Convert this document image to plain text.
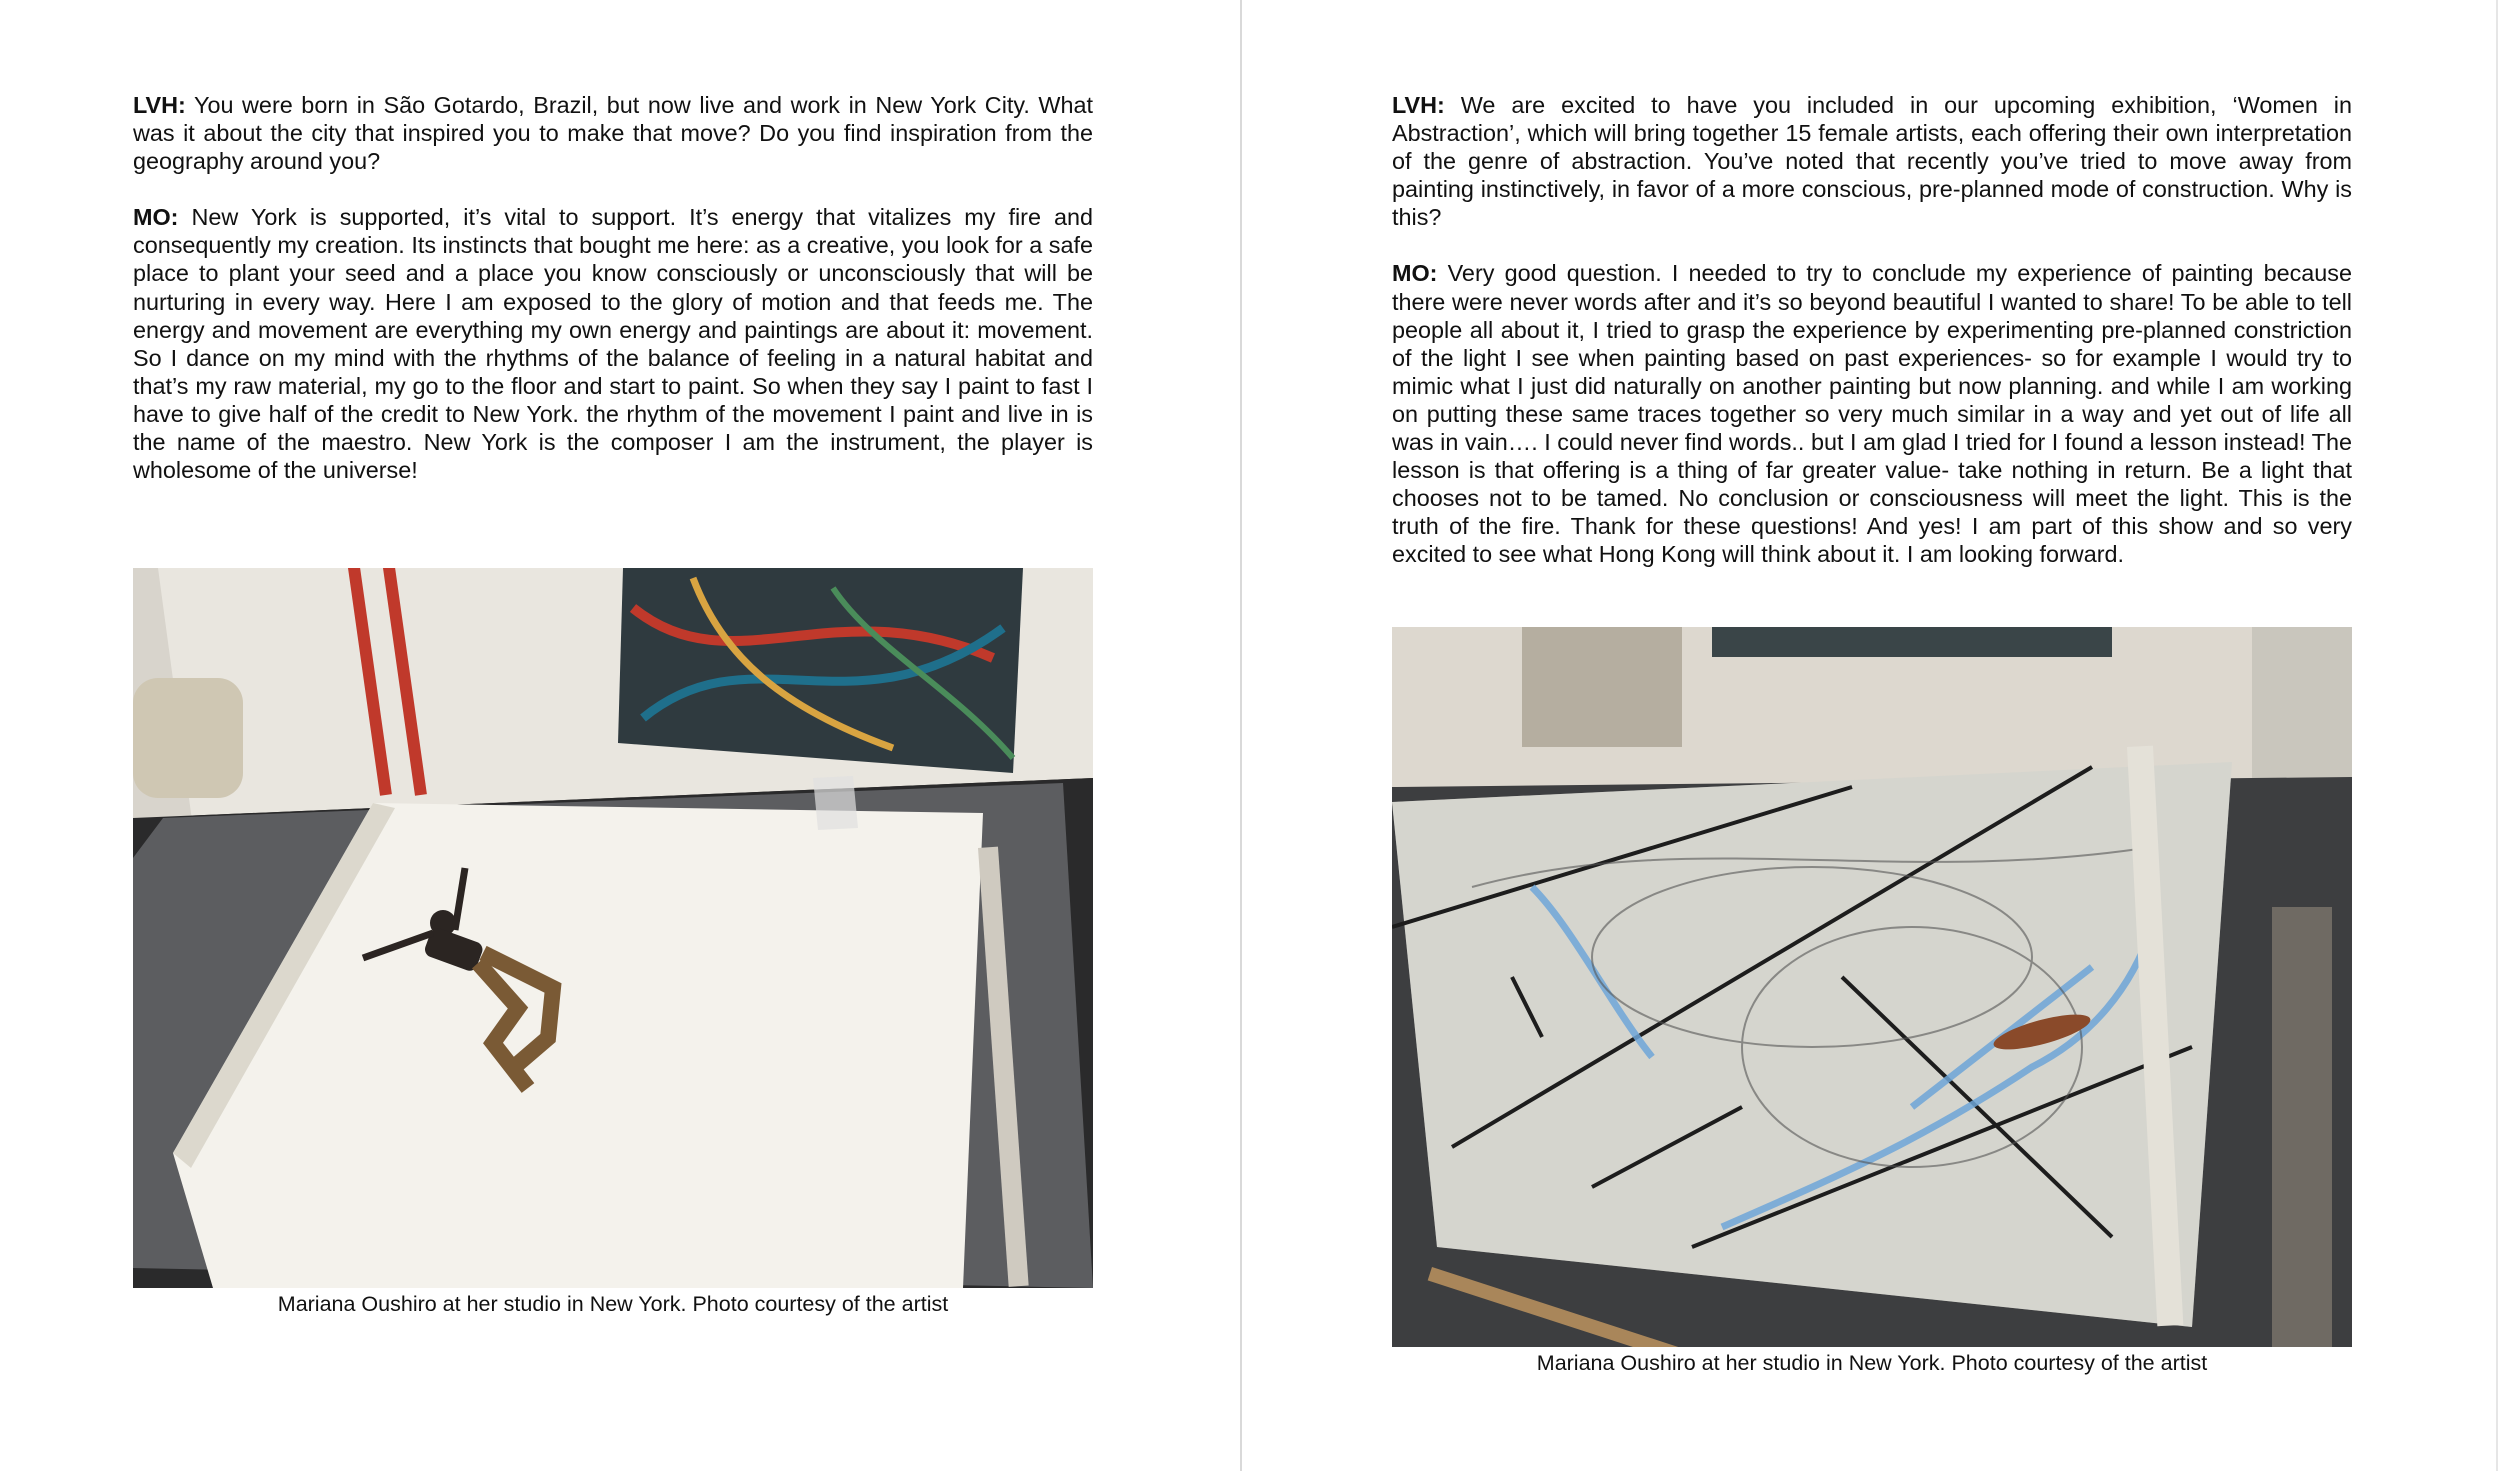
LVH: You were born in São Gotardo, Brazil, but now live and work in New York City. What was it about the city that inspired you to make that move? Do you find inspiration from the geography around you?

MO: New York is supported, it’s vital to support. It’s energy that vitalizes my fire and consequently my creation. Its instincts that bought me here: as a creative, you look for a safe place to plant your seed and a place you know consciously or unconsciously that will be nurturing in every way. Here I am exposed to the glory of motion and that feeds me. The energy and movement are everything my own energy and paintings are about it: movement. So I dance on my mind with the rhythms of the balance of feeling in a natural habitat and that’s my raw material, my go to the floor and start to paint. So when they say I paint to fast I have to give half of the credit to New York. the rhythm of the movement I paint and live in is the name of the maestro. New York is the composer I am the instrument, the player is wholesome of the universe!

Mariana Oushiro at her studio in New York. Photo courtesy of the artist

LVH: We are excited to have you included in our upcoming exhibition, ‘Women in Abstraction’, which will bring together 15 female artists, each offering their own interpretation of the genre of abstraction. You’ve noted that recently you’ve tried to move away from painting instinctively, in favor of a more conscious, pre-planned mode of construction. Why is this?

MO: Very good question. I needed to try to conclude my experience of painting because there were never words after and it’s so beyond beautiful I wanted to share! To be able to tell people all about it, I tried to grasp the experience by experimenting pre-planned constriction of the light I see when painting based on past experiences- so for example I would try to mimic what I just did naturally on another painting but now planning. and while I am working on putting these same traces together so very much similar in a way and yet out of life all was in vain…. I could never find words.. but I am glad I tried for I found a lesson instead! The lesson is that offering is a thing of far greater value- take nothing in return. Be a light that chooses not to be tamed. No conclusion or consciousness will meet the light. This is the truth of the fire. Thank for these questions! And yes! I am part of this show and so very excited to see what Hong Kong will think about it. I am looking forward.

Mariana Oushiro at her studio in New York. Photo courtesy of the artist
